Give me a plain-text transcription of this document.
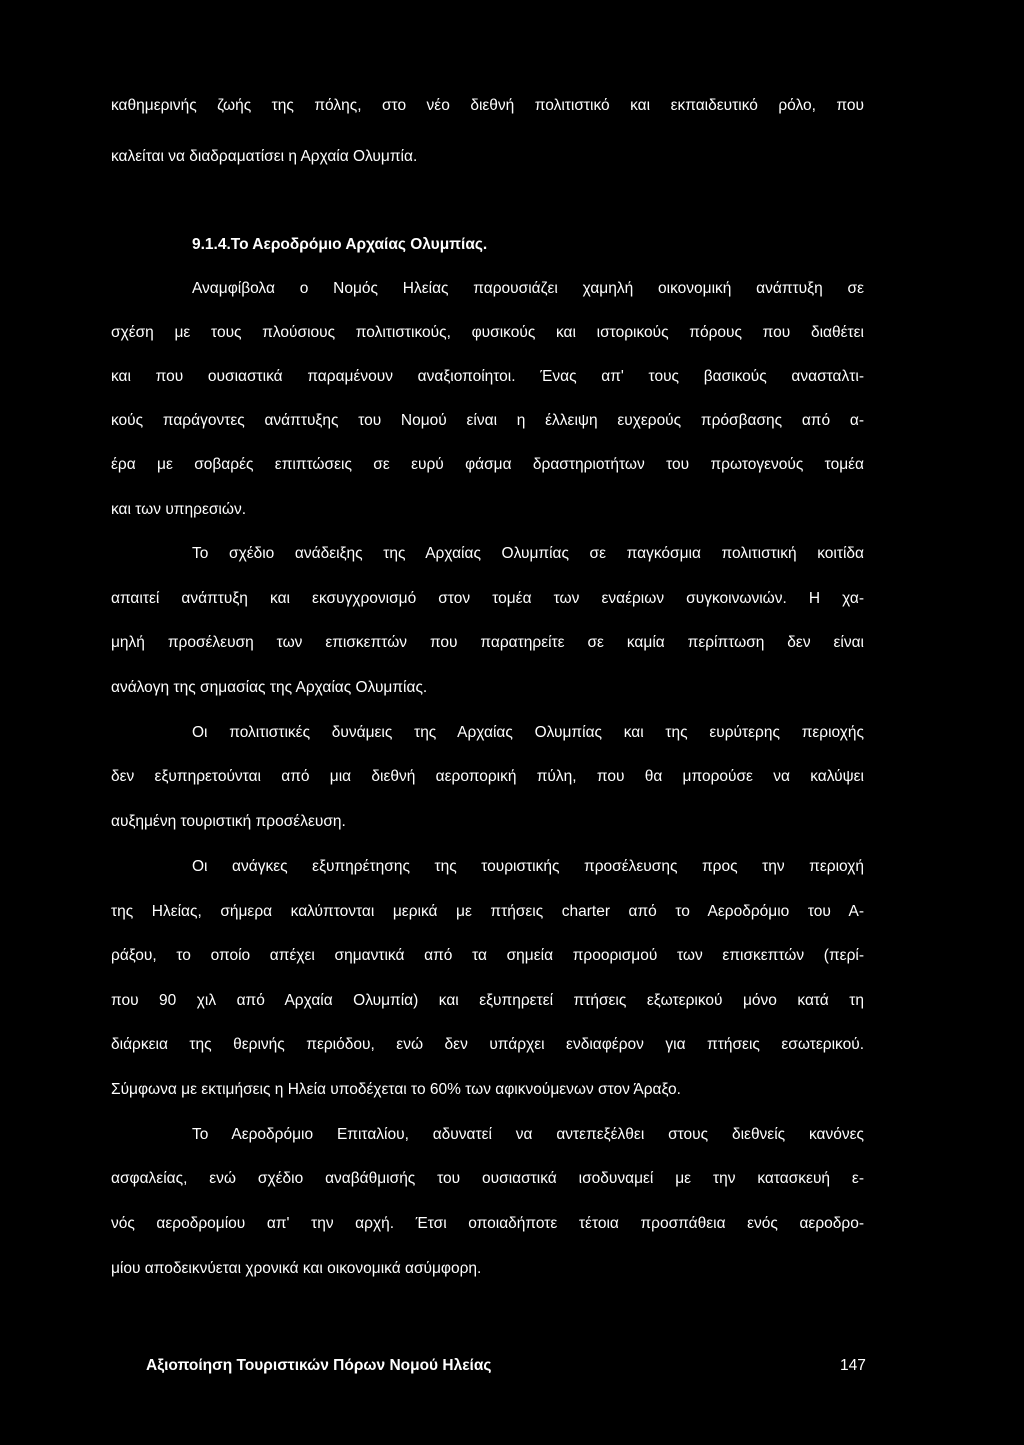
καθημερινής ζωής της πόλης, στο νέο διεθνή πολιτιστικό και εκπαιδευτικό ρόλο, που
καλείται να διαδραματίσει η Αρχαία Ολυμπία.
9.1.4.Το Αεροδρόμιο Αρχαίας Ολυμπίας.
Αναμφίβολα ο Νομός Ηλείας παρουσιάζει χαμηλή οικονομική ανάπτυξη σε
σχέση με τους πλούσιους πολιτιστικούς, φυσικούς και ιστορικούς πόρους που διαθέτει
και που ουσιαστικά παραμένουν αναξιοποίητοι. Ένας απ' τους βασικούς ανασταλτι-
κούς παράγοντες ανάπτυξης του Νομού είναι η έλλειψη ευχερούς πρόσβασης από α-
έρα με σοβαρές επιπτώσεις σε ευρύ φάσμα δραστηριοτήτων του πρωτογενούς τομέα
και των υπηρεσιών.
Το σχέδιο ανάδειξης της Αρχαίας Ολυμπίας σε παγκόσμια πολιτιστική κοιτίδα
απαιτεί ανάπτυξη και εκσυγχρονισμό στον τομέα των εναέριων συγκοινωνιών. Η χα-
μηλή προσέλευση των επισκεπτών που παρατηρείτε σε καμία περίπτωση δεν είναι
ανάλογη της σημασίας της Αρχαίας Ολυμπίας.
Οι πολιτιστικές δυνάμεις της Αρχαίας Ολυμπίας και της ευρύτερης περιοχής
δεν εξυπηρετούνται από μια διεθνή αεροπορική πύλη, που θα μπορούσε να καλύψει
αυξημένη τουριστική προσέλευση.
Οι ανάγκες εξυπηρέτησης της τουριστικής προσέλευσης προς την περιοχή
της Ηλείας, σήμερα καλύπτονται μερικά με πτήσεις charter από το Αεροδρόμιο του Α-
ράξου, το οποίο απέχει σημαντικά από τα σημεία προορισμού των επισκεπτών (περί-
που 90 χιλ από Αρχαία Ολυμπία) και εξυπηρετεί πτήσεις εξωτερικού μόνο κατά τη
διάρκεια της θερινής περιόδου, ενώ δεν υπάρχει ενδιαφέρον για πτήσεις εσωτερικού.
Σύμφωνα με εκτιμήσεις η Ηλεία υποδέχεται το 60% των αφικνούμενων στον Άραξο.
Το Αεροδρόμιο Επιταλίου, αδυνατεί να αντεπεξέλθει στους διεθνείς κανόνες
ασφαλείας, ενώ σχέδιο αναβάθμισής του ουσιαστικά ισοδυναμεί με την κατασκευή ε-
νός αεροδρομίου απ' την αρχή. Έτσι οποιαδήποτε τέτοια προσπάθεια ενός αεροδρο-
μίου αποδεικνύεται χρονικά και οικονομικά ασύμφορη.
Αξιοποίηση Τουριστικών Πόρων Νομού Ηλείας	147
